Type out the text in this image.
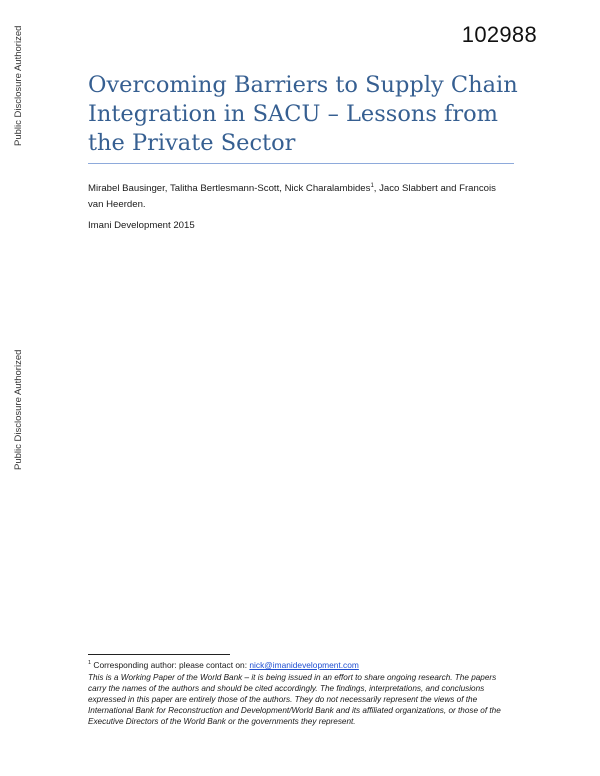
Public Disclosure Authorized
Public Disclosure Authorized
102988
Overcoming Barriers to Supply Chain Integration in SACU – Lessons from the Private Sector
Mirabel Bausinger, Talitha Bertlesmann-Scott, Nick Charalambides$^1$, Jaco Slabbert and Francois van Heerden.
Imani Development 2015
$^1$ Corresponding author: please contact on: nick@imanidevelopment.com

This is a Working Paper of the World Bank – it is being issued in an effort to share ongoing research. The papers carry the names of the authors and should be cited accordingly. The findings, interpretations, and conclusions expressed in this paper are entirely those of the authors. They do not necessarily represent the views of the International Bank for Reconstruction and Development/World Bank and its affiliated organizations, or those of the Executive Directors of the World Bank or the governments they represent.
